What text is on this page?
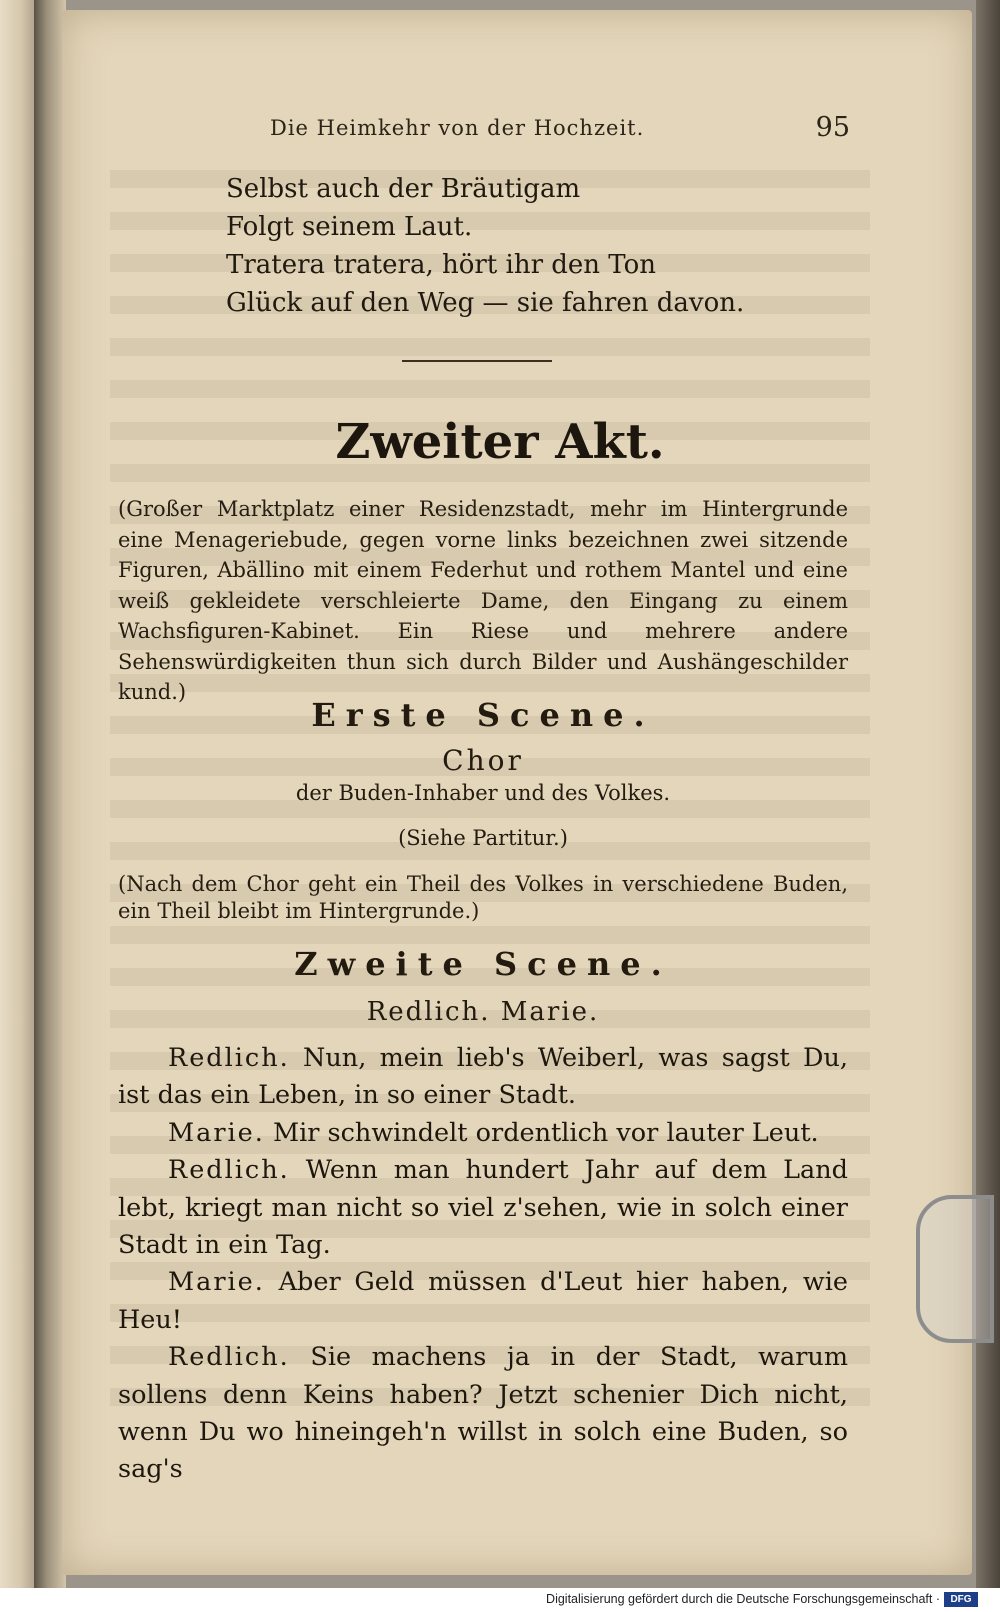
Die Heimkehr von der Hochzeit.	95
Selbst auch der Bräutigam
Folgt seinem Laut.
Tratera tratera, hört ihr den Ton
Glück auf den Weg — sie fahren davon.
Zweiter Akt.
(Großer Marktplatz einer Residenzstadt, mehr im Hintergrunde eine Menageriebude, gegen vorne links bezeichnen zwei sitzende Figuren, Abällino mit einem Federhut und rothem Mantel und eine weiß gekleidete verschleierte Dame, den Eingang zu einem Wachsfiguren-Kabinet. Ein Riese und mehrere andere Sehenswürdigkeiten thun sich durch Bilder und Aushängeschilder kund.)
Erste Scene.
Chor
der Buden-Inhaber und des Volkes.
(Siehe Partitur.)
(Nach dem Chor geht ein Theil des Volkes in verschiedene Buden, ein Theil bleibt im Hintergrunde.)
Zweite Scene.
Redlich. Marie.

Redlich. Nun, mein lieb's Weiberl, was sagst Du, ist das ein Leben, in so einer Stadt.

Marie. Mir schwindelt ordentlich vor lauter Leut.

Redlich. Wenn man hundert Jahr auf dem Land lebt, kriegt man nicht so viel z'sehen, wie in solch einer Stadt in ein Tag.

Marie. Aber Geld müssen d'Leut hier haben, wie Heu!

Redlich. Sie machens ja in der Stadt, warum sollens denn Keins haben? Jetzt schenier Dich nicht, wenn Du wo hineingeh'n willst in solch eine Buden, so sag's

Digitalisierung gefördert durch die Deutsche Forschungsgemeinschaft ·	DFG
